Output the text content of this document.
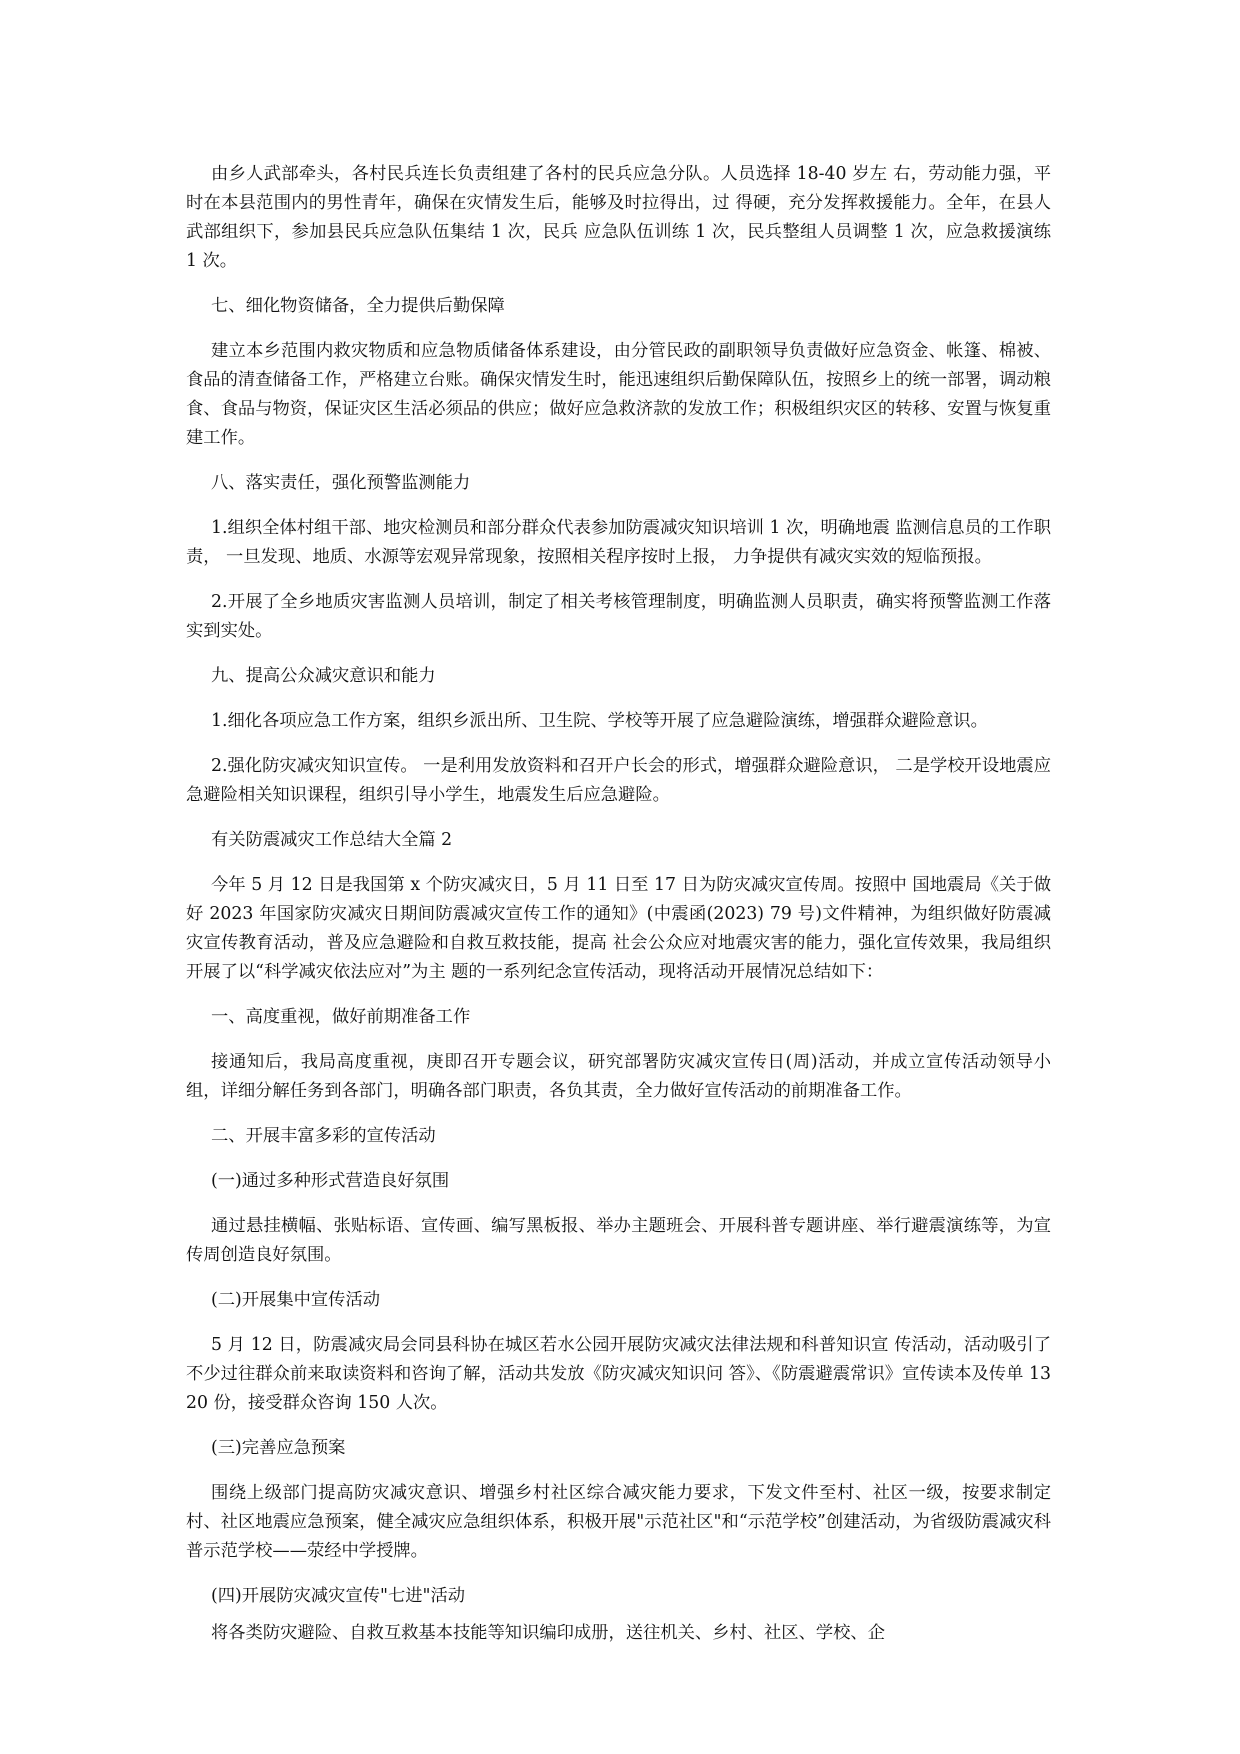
由乡人武部牵头，各村民兵连长负责组建了各村的民兵应急分队。人员选择 18-40 岁左 右，劳动能力强，平时在本县范围内的男性青年，确保在灾情发生后，能够及时拉得出，过 得硬，充分发挥救援能力。全年，在县人武部组织下，参加县民兵应急队伍集结 1 次，民兵 应急队伍训练 1 次，民兵整组人员调整 1 次，应急救援演练 1 次。

七、细化物资储备，全力提供后勤保障

建立本乡范围内救灾物质和应急物质储备体系建设，由分管民政的副职领导负责做好应急资金、帐篷、棉被、食品的清查储备工作，严格建立台账。确保灾情发生时，能迅速组织后勤保障队伍，按照乡上的统一部署，调动粮食、食品与物资，保证灾区生活必须品的供应；做好应急救济款的发放工作；积极组织灾区的转移、安置与恢复重建工作。

八、落实责任，强化预警监测能力

1.组织全体村组干部、地灾检测员和部分群众代表参加防震减灾知识培训 1 次，明确地震 监测信息员的工作职责， 一旦发现、地质、水源等宏观异常现象，按照相关程序按时上报， 力争提供有减灾实效的短临预报。

2.开展了全乡地质灾害监测人员培训，制定了相关考核管理制度，明确监测人员职责，确实将预警监测工作落实到实处。

九、提高公众减灾意识和能力

1.细化各项应急工作方案，组织乡派出所、卫生院、学校等开展了应急避险演练，增强群众避险意识。

2.强化防灾减灾知识宣传。 一是利用发放资料和召开户长会的形式，增强群众避险意识， 二是学校开设地震应急避险相关知识课程，组织引导小学生，地震发生后应急避险。

有关防震减灾工作总结大全篇 2

今年 5 月 12 日是我国第 x 个防灾减灾日，5 月 11 日至 17 日为防灾减灾宣传周。按照中 国地震局《关于做好 2023 年国家防灾减灾日期间防震减灾宣传工作的通知》(中震函(2023) 79 号)文件精神，为组织做好防震减灾宣传教育活动，普及应急避险和自救互救技能，提高 社会公众应对地震灾害的能力，强化宣传效果，我局组织开展了以“科学减灾依法应对”为主 题的一系列纪念宣传活动，现将活动开展情况总结如下：

一、高度重视，做好前期准备工作

接通知后，我局高度重视，庚即召开专题会议，研究部署防灾减灾宣传日(周)活动，并成立宣传活动领导小组，详细分解任务到各部门，明确各部门职责，各负其责，全力做好宣传活动的前期准备工作。

二、开展丰富多彩的宣传活动

(一)通过多种形式营造良好氛围

通过悬挂横幅、张贴标语、宣传画、编写黑板报、举办主题班会、开展科普专题讲座、举行避震演练等，为宣传周创造良好氛围。

(二)开展集中宣传活动

5 月 12 日，防震减灾局会同县科协在城区若水公园开展防灾减灾法律法规和科普知识宣 传活动，活动吸引了不少过往群众前来取读资料和咨询了解，活动共发放《防灾减灾知识问 答》、《防震避震常识》宣传读本及传单 1320 份，接受群众咨询 150 人次。

(三)完善应急预案

围绕上级部门提高防灾减灾意识、增强乡村社区综合减灾能力要求，下发文件至村、社区一级，按要求制定村、社区地震应急预案，健全减灾应急组织体系，积极开展"示范社区"和“示范学校”创建活动，为省级防震减灾科普示范学校——荥经中学授牌。

(四)开展防灾减灾宣传"七进"活动

将各类防灾避险、自救互救基本技能等知识编印成册，送往机关、乡村、社区、学校、企
